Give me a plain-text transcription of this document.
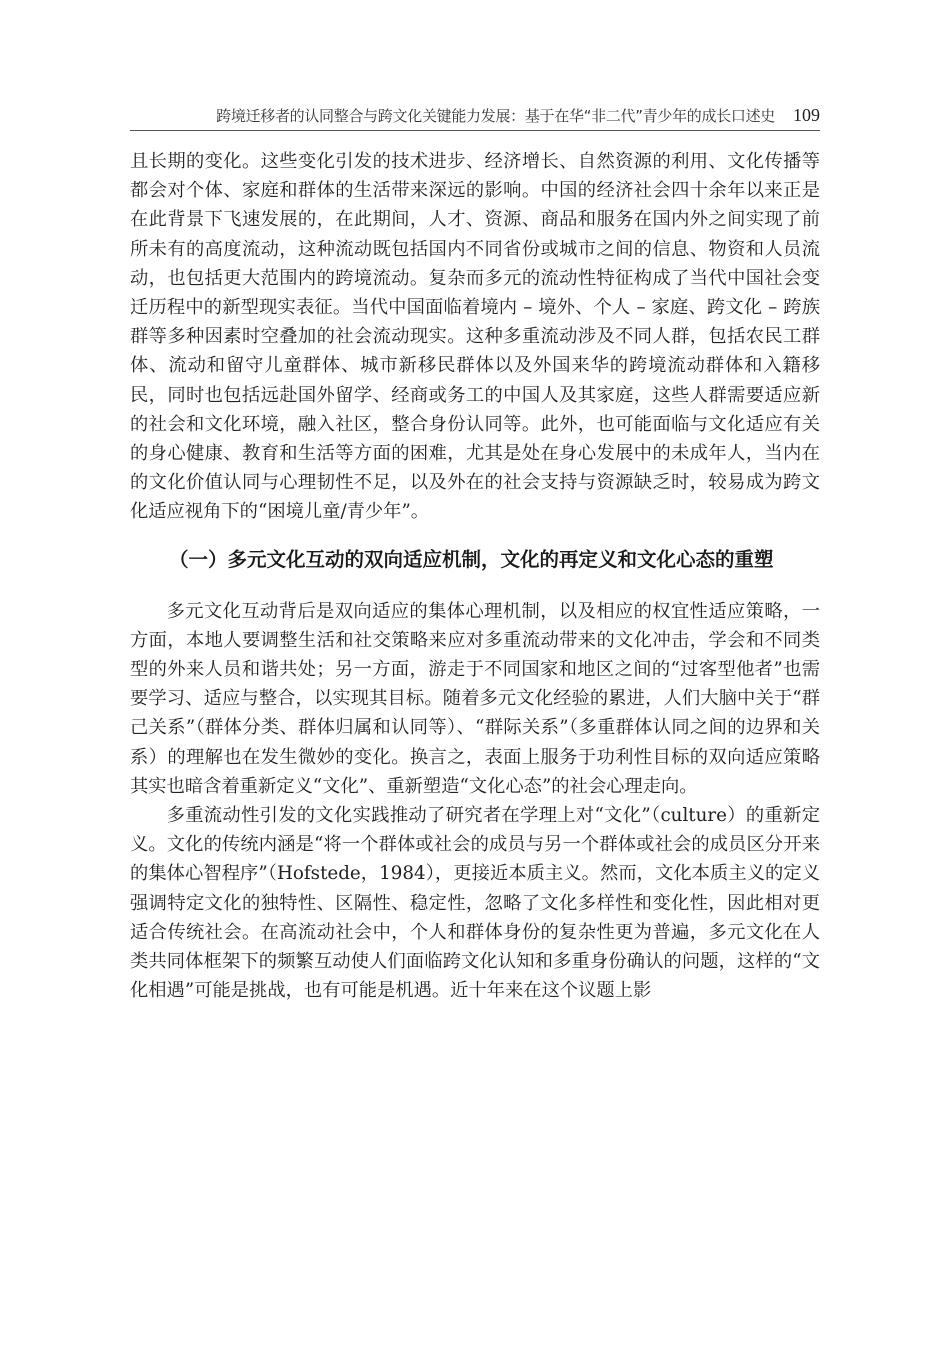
跨境迁移者的认同整合与跨文化关键能力发展：基于在华“非二代”青少年的成长口述史 109

且长期的变化。这些变化引发的技术进步、经济增长、自然资源的利用、文化传播等都会对个体、家庭和群体的生活带来深远的影响。中国的经济社会四十余年以来正是在此背景下飞速发展的，在此期间，人才、资源、商品和服务在国内外之间实现了前所未有的高度流动，这种流动既包括国内不同省份或城市之间的信息、物资和人员流动，也包括更大范围内的跨境流动。复杂而多元的流动性特征构成了当代中国社会变迁历程中的新型现实表征。当代中国面临着境内 – 境外、个人 – 家庭、跨文化 – 跨族群等多种因素时空叠加的社会流动现实。这种多重流动涉及不同人群，包括农民工群体、流动和留守儿童群体、城市新移民群体以及外国来华的跨境流动群体和入籍移民，同时也包括远赴国外留学、经商或务工的中国人及其家庭，这些人群需要适应新的社会和文化环境，融入社区，整合身份认同等。此外，也可能面临与文化适应有关的身心健康、教育和生活等方面的困难，尤其是处在身心发展中的未成年人，当内在的文化价值认同与心理韧性不足，以及外在的社会支持与资源缺乏时，较易成为跨文化适应视角下的“困境儿童/青少年”。

（一）多元文化互动的双向适应机制，文化的再定义和文化心态的重塑

多元文化互动背后是双向适应的集体心理机制，以及相应的权宜性适应策略，一方面，本地人要调整生活和社交策略来应对多重流动带来的文化冲击，学会和不同类型的外来人员和谐共处；另一方面，游走于不同国家和地区之间的“过客型他者”也需要学习、适应与整合，以实现其目标。随着多元文化经验的累进，人们大脑中关于“群己关系”（群体分类、群体归属和认同等）、“群际关系”（多重群体认同之间的边界和关系）的理解也在发生微妙的变化。换言之，表面上服务于功利性目标的双向适应策略其实也暗含着重新定义“文化”、重新塑造“文化心态”的社会心理走向。

多重流动性引发的文化实践推动了研究者在学理上对“文化”（culture）的重新定义。文化的传统内涵是“将一个群体或社会的成员与另一个群体或社会的成员区分开来的集体心智程序”（Hofstede，1984），更接近本质主义。然而，文化本质主义的定义强调特定文化的独特性、区隔性、稳定性，忽略了文化多样性和变化性，因此相对更适合传统社会。在高流动社会中，个人和群体身份的复杂性更为普遍，多元文化在人类共同体框架下的频繁互动使人们面临跨文化认知和多重身份确认的问题，这样的“文化相遇”可能是挑战，也有可能是机遇。近十年来在这个议题上影
